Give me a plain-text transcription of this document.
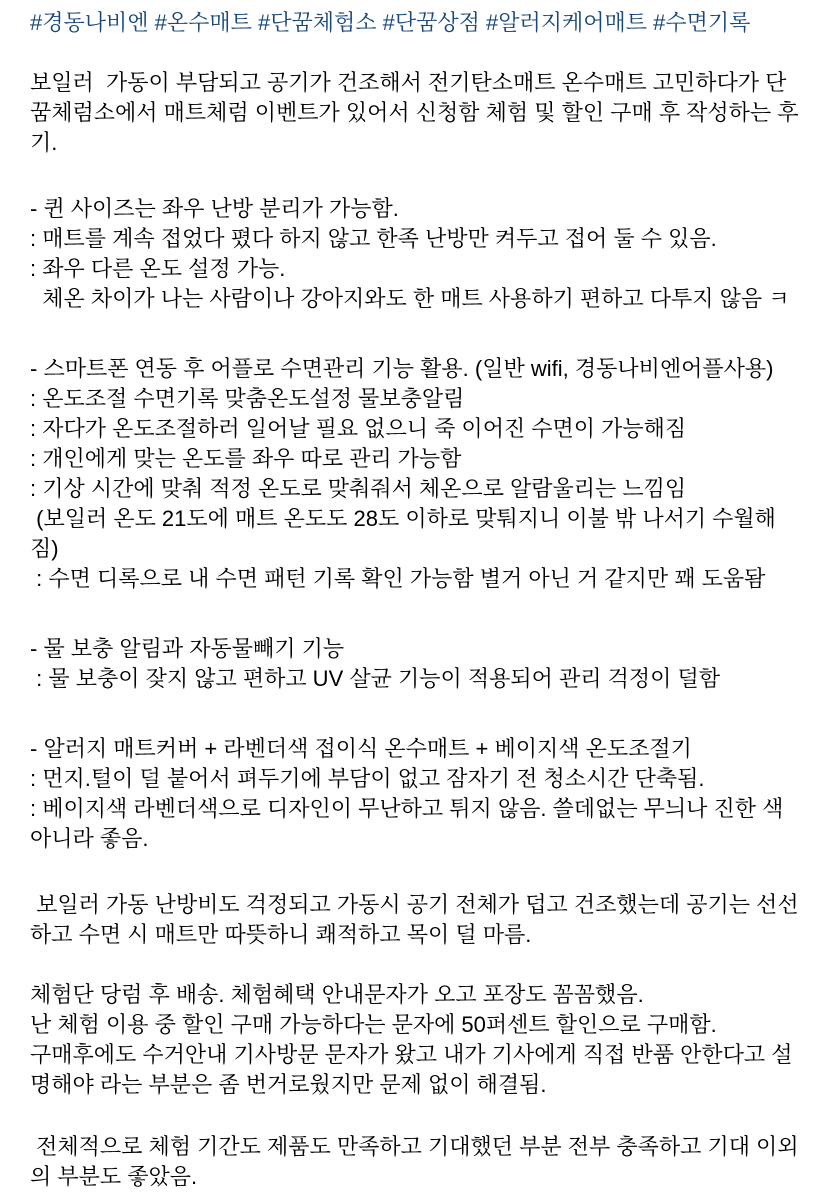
#경동나비엔 #온수매트 #단꿈체험소 #단꿈상점 #알러지케어매트 #수면기록
보일러  가동이 부담되고 공기가 건조해서 전기탄소매트 온수매트 고민하다가 단꿈체럼소에서 매트체럼 이벤트가 있어서 신청함 체험 및 할인 구매 후 작성하는 후기.
- 퀸 사이즈는 좌우 난방 분리가 가능함.
: 매트를 계속 접었다 폈다 하지 않고 한족 난방만 켜두고 접어 둘 수 있음.
: 좌우 다른 온도 설정 가능.
체온 차이가 나는 사람이나 강아지와도 한 매트 사용하기 편하고 다투지 않음 ㅋ
- 스마트폰 연동 후 어플로 수면관리 기능 활용. (일반 wifi, 경동나비엔어플사용)
: 온도조절 수면기록 맞춤온도설정 물보충알림
: 자다가 온도조절하러 일어날 필요 없으니 죽 이어진 수면이 가능해짐
: 개인에게 맞는 온도를 좌우 따로 관리 가능함
: 기상 시간에 맞춰 적정 온도로 맞춰줘서 체온으로 알람울리는 느낌임
(보일러 온도 21도에 매트 온도도 28도 이하로 맞퉈지니 이불 밖 나서기 수월해짐)
: 수면 디록으로 내 수면 패턴 기록 확인 가능함 별거 아닌 거 같지만 꽤 도움돰
- 물 보충 알림과 자동물빼기 기능
: 물 보충이 잦지 않고 편하고 UV 살균 기능이 적용되어 관리 걱정이 덜함
- 알러지 매트커버 + 라벤더색 접이식 온수매트 + 베이지색 온도조절기
: 먼지.털이 덜 붙어서 펴두기에 부담이 없고 잠자기 전 청소시간 단축됨.
: 베이지색 라벤더색으로 디자인이 무난하고 튀지 않음. 쓸데없는 무늬나 진한 색 아니라 좋음.
보일러 가동 난방비도 걱정되고 가동시 공기 전체가 덥고 건조했는데 공기는 선선하고 수면 시 매트만 따뜻하니 쾌적하고 목이 덜 마름.
체험단 당럼 후 배송. 체험혜택 안내문자가 오고 포장도 꼼꼼했음.
난 체험 이용 중 할인 구매 가능하다는 문자에 50퍼센트 할인으로 구매함.
구매후에도 수거안내 기사방문 문자가 왔고 내가 기사에게 직접 반품 안한다고 설명해야 라는 부분은 좀 번거로웠지만 문제 없이 해결됨.
전체적으로 체험 기간도 제품도 만족하고 기대했던 부분 전부 충족하고 기대 이외의 부분도 좋았음.
